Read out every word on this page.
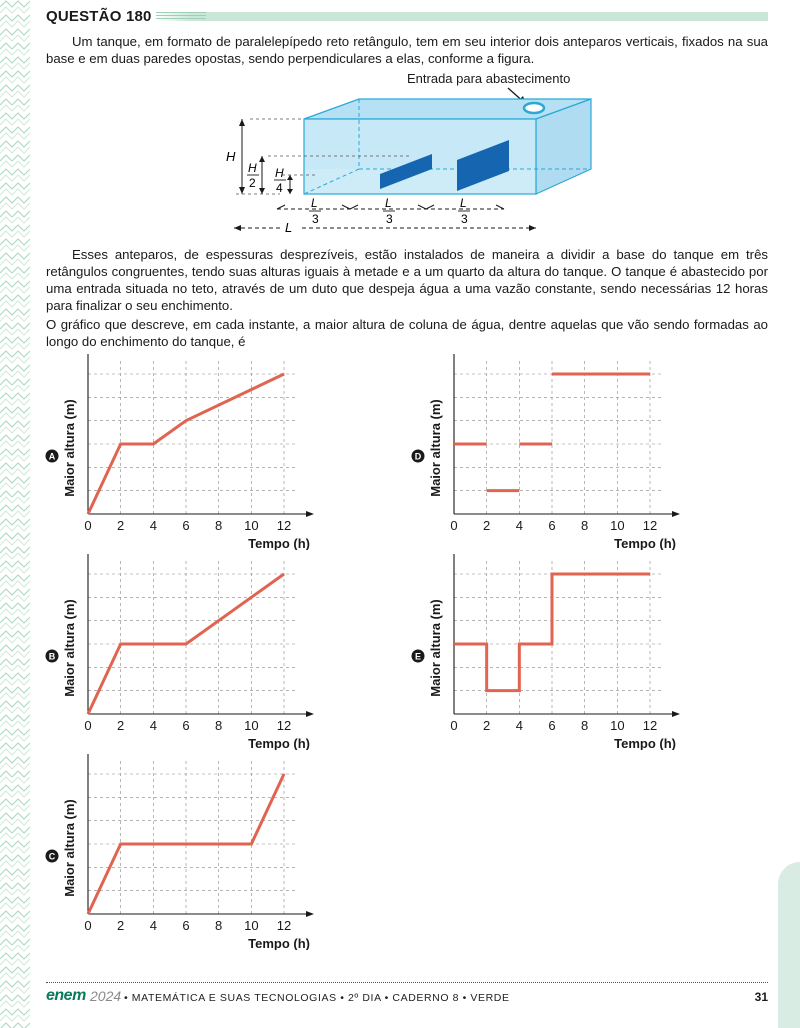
QUESTÃO 180

Um tanque, em formato de paralelepípedo reto retângulo, tem em seu interior dois anteparos verticais, fixados na sua base e em duas paredes opostas, sendo perpendiculares a elas, conforme a figura.

Entrada para abastecimento
H
H
2
H
4
L
3
L
3
L
3
L

Esses anteparos, de espessuras desprezíveis, estão instalados de maneira a dividir a base do tanque em três retângulos congruentes, tendo suas alturas iguais à metade e a um quarto da altura do tanque. O tanque é abastecido por uma entrada situada no teto, através de um duto que despeja água a uma vazão constante, sendo necessárias 12 horas para finalizar o seu enchimento.

O gráfico que descreve, em cada instante, a maior altura de coluna de água, dentre aquelas que vão sendo formadas ao longo do enchimento do tanque, é

0 2 4 6 8 10 12
Tempo (h)
Maior altura (m)
A
0 2 4 6 8 10 12
Tempo (h)
Maior altura (m)
D
0 2 4 6 8 10 12
Tempo (h)
Maior altura (m)
B
0 2 4 6 8 10 12
Tempo (h)
Maior altura (m)
E
0 2 4 6 8 10 12
Tempo (h)
Maior altura (m)
C
enem 2024 • MATEMÁTICA E SUAS TECNOLOGIAS • 2º DIA • CADERNO 8 • VERDE	31
